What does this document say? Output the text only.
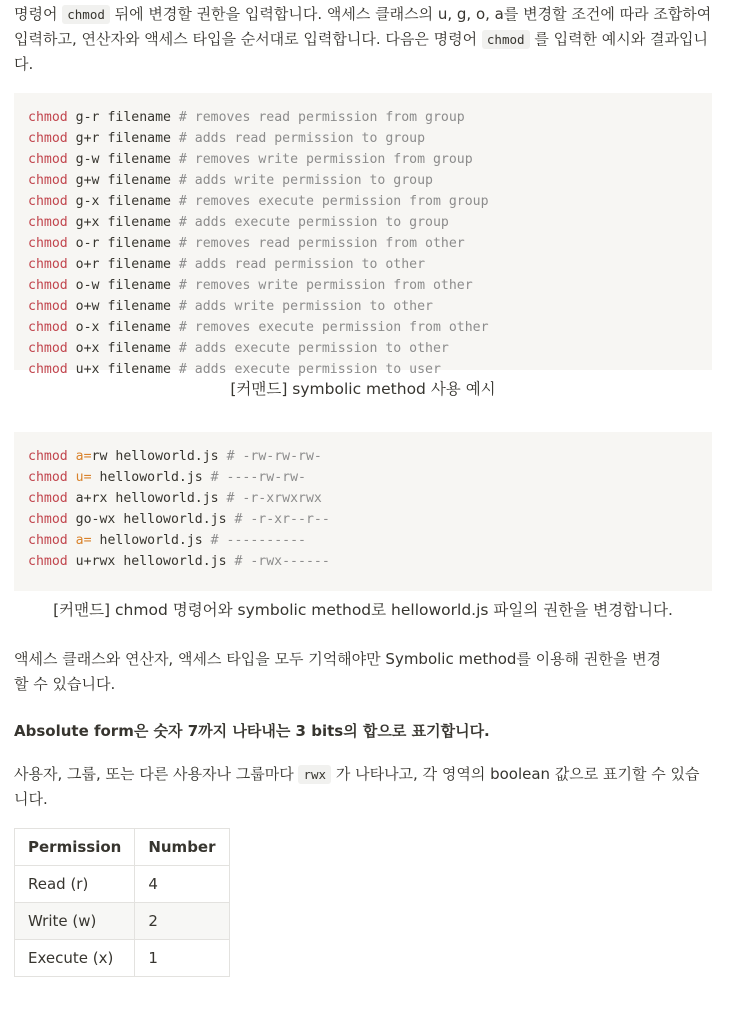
명령어 chmod 뒤에 변경할 권한을 입력합니다. 액세스 클래스의 u, g, o, a를 변경할 조건에 따라 조합하여 입력하고, 연산자와 액세스 타입을 순서대로 입력합니다. 다음은 명령어 chmod 를 입력한 예시와 결과입니다.

chmod g-r filename # removes read permission from group
chmod g+r filename # adds read permission to group
chmod g-w filename # removes write permission from group
chmod g+w filename # adds write permission to group
chmod g-x filename # removes execute permission from group
chmod g+x filename # adds execute permission to group
chmod o-r filename # removes read permission from other
chmod o+r filename # adds read permission to other
chmod o-w filename # removes write permission from other
chmod o+w filename # adds write permission to other
chmod o-x filename # removes execute permission from other
chmod o+x filename # adds execute permission to other
chmod u+x filename # adds execute permission to user
[커맨드] symbolic method 사용 예시
chmod a=rw helloworld.js # -rw-rw-rw-
chmod u= helloworld.js # ----rw-rw-
chmod a+rx helloworld.js # -r-xrwxrwx
chmod go-wx helloworld.js # -r-xr--r--
chmod a= helloworld.js # ----------
chmod u+rwx helloworld.js # -rwx------
[커맨드] chmod 명령어와 symbolic method로 helloworld.js 파일의 권한을 변경합니다.

액세스 클래스와 연산자, 액세스 타입을 모두 기억해야만 Symbolic method를 이용해 권한을 변경할 수 있습니다.

Absolute form은 숫자 7까지 나타내는 3 bits의 합으로 표기합니다.

사용자, 그룹, 또는 다른 사용자나 그룹마다 rwx 가 나타나고, 각 영역의 boolean 값으로 표기할 수 있습니다.

Permission	Number
Read (r)	4
Write (w)	2
Execute (x)	1
